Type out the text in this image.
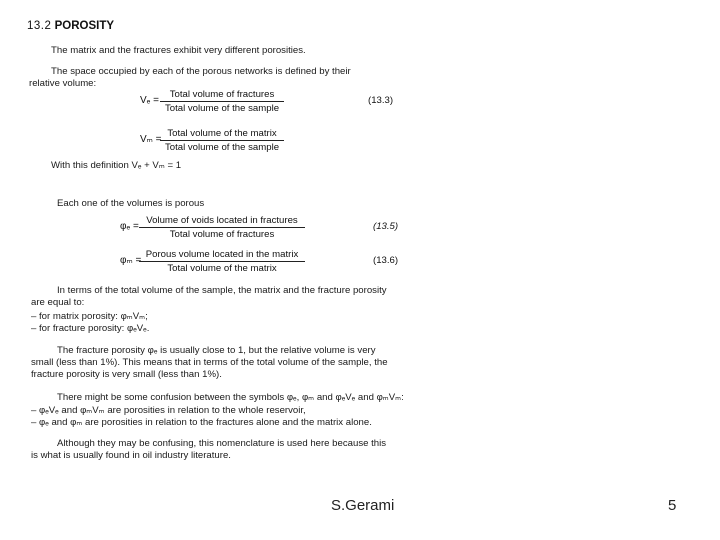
13.2 POROSITY
The matrix and the fractures exhibit very different porosities.
The space occupied by each of the porous networks is defined by their
relative volume:
Vₑ =
Total volume of fractures
Total volume of the sample
(13.3)
Vₘ =
Total volume of the matrix
Total volume of the sample
With this definition Vₑ + Vₘ = 1
Each one of the volumes is porous
φₑ =
Volume of voids located in fractures
Total volume of fractures
(13.5)
φₘ =
Porous volume located in the matrix
Total volume of the matrix
(13.6)
In terms of the total volume of the sample, the matrix and the fracture porosity
are equal to:
– for matrix porosity: φₘVₘ;
– for fracture porosity: φₑVₑ.
The fracture porosity φₑ is usually close to 1, but the relative volume is very
small (less than 1%). This means that in terms of the total volume of the sample, the
fracture porosity is very small (less than 1%).
There might be some confusion between the symbols φₑ, φₘ and φₑVₑ and φₘVₘ:
– φₑVₑ and φₘVₘ are porosities in relation to the whole reservoir,
– φₑ and φₘ are porosities in relation to the fractures alone and the matrix alone.
Although they may be confusing, this nomenclature is used here because this
is what is usually found in oil industry literature.
S.Gerami	5
